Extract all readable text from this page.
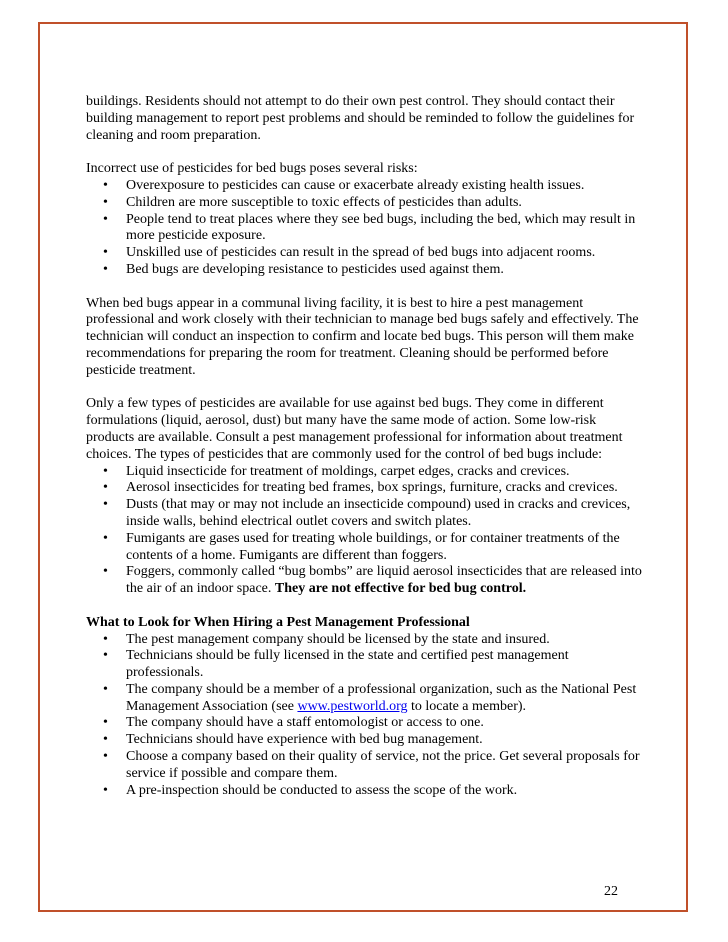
buildings. Residents should not attempt to do their own pest control. They should contact their building management to report pest problems and should be reminded to follow the guidelines for cleaning and room preparation.

Incorrect use of pesticides for bed bugs poses several risks:
• Overexposure to pesticides can cause or exacerbate already existing health issues.
• Children are more susceptible to toxic effects of pesticides than adults.
• People tend to treat places where they see bed bugs, including the bed, which may result in more pesticide exposure.
• Unskilled use of pesticides can result in the spread of bed bugs into adjacent rooms.
• Bed bugs are developing resistance to pesticides used against them.

When bed bugs appear in a communal living facility, it is best to hire a pest management professional and work closely with their technician to manage bed bugs safely and effectively. The technician will conduct an inspection to confirm and locate bed bugs. This person will them make recommendations for preparing the room for treatment. Cleaning should be performed before pesticide treatment.

Only a few types of pesticides are available for use against bed bugs. They come in different formulations (liquid, aerosol, dust) but many have the same mode of action. Some low-risk products are available. Consult a pest management professional for information about treatment choices. The types of pesticides that are commonly used for the control of bed bugs include:
• Liquid insecticide for treatment of moldings, carpet edges, cracks and crevices.
• Aerosol insecticides for treating bed frames, box springs, furniture, cracks and crevices.
• Dusts (that may or may not include an insecticide compound) used in cracks and crevices, inside walls, behind electrical outlet covers and switch plates.
• Fumigants are gases used for treating whole buildings, or for container treatments of the contents of a home. Fumigants are different than foggers.
• Foggers, commonly called “bug bombs” are liquid aerosol insecticides that are released into the air of an indoor space. They are not effective for bed bug control.
What to Look for When Hiring a Pest Management Professional
• The pest management company should be licensed by the state and insured.
• Technicians should be fully licensed in the state and certified pest management professionals.
• The company should be a member of a professional organization, such as the National Pest Management Association (see www.pestworld.org to locate a member).
• The company should have a staff entomologist or access to one.
• Technicians should have experience with bed bug management.
• Choose a company based on their quality of service, not the price. Get several proposals for service if possible and compare them.
• A pre-inspection should be conducted to assess the scope of the work.
22
